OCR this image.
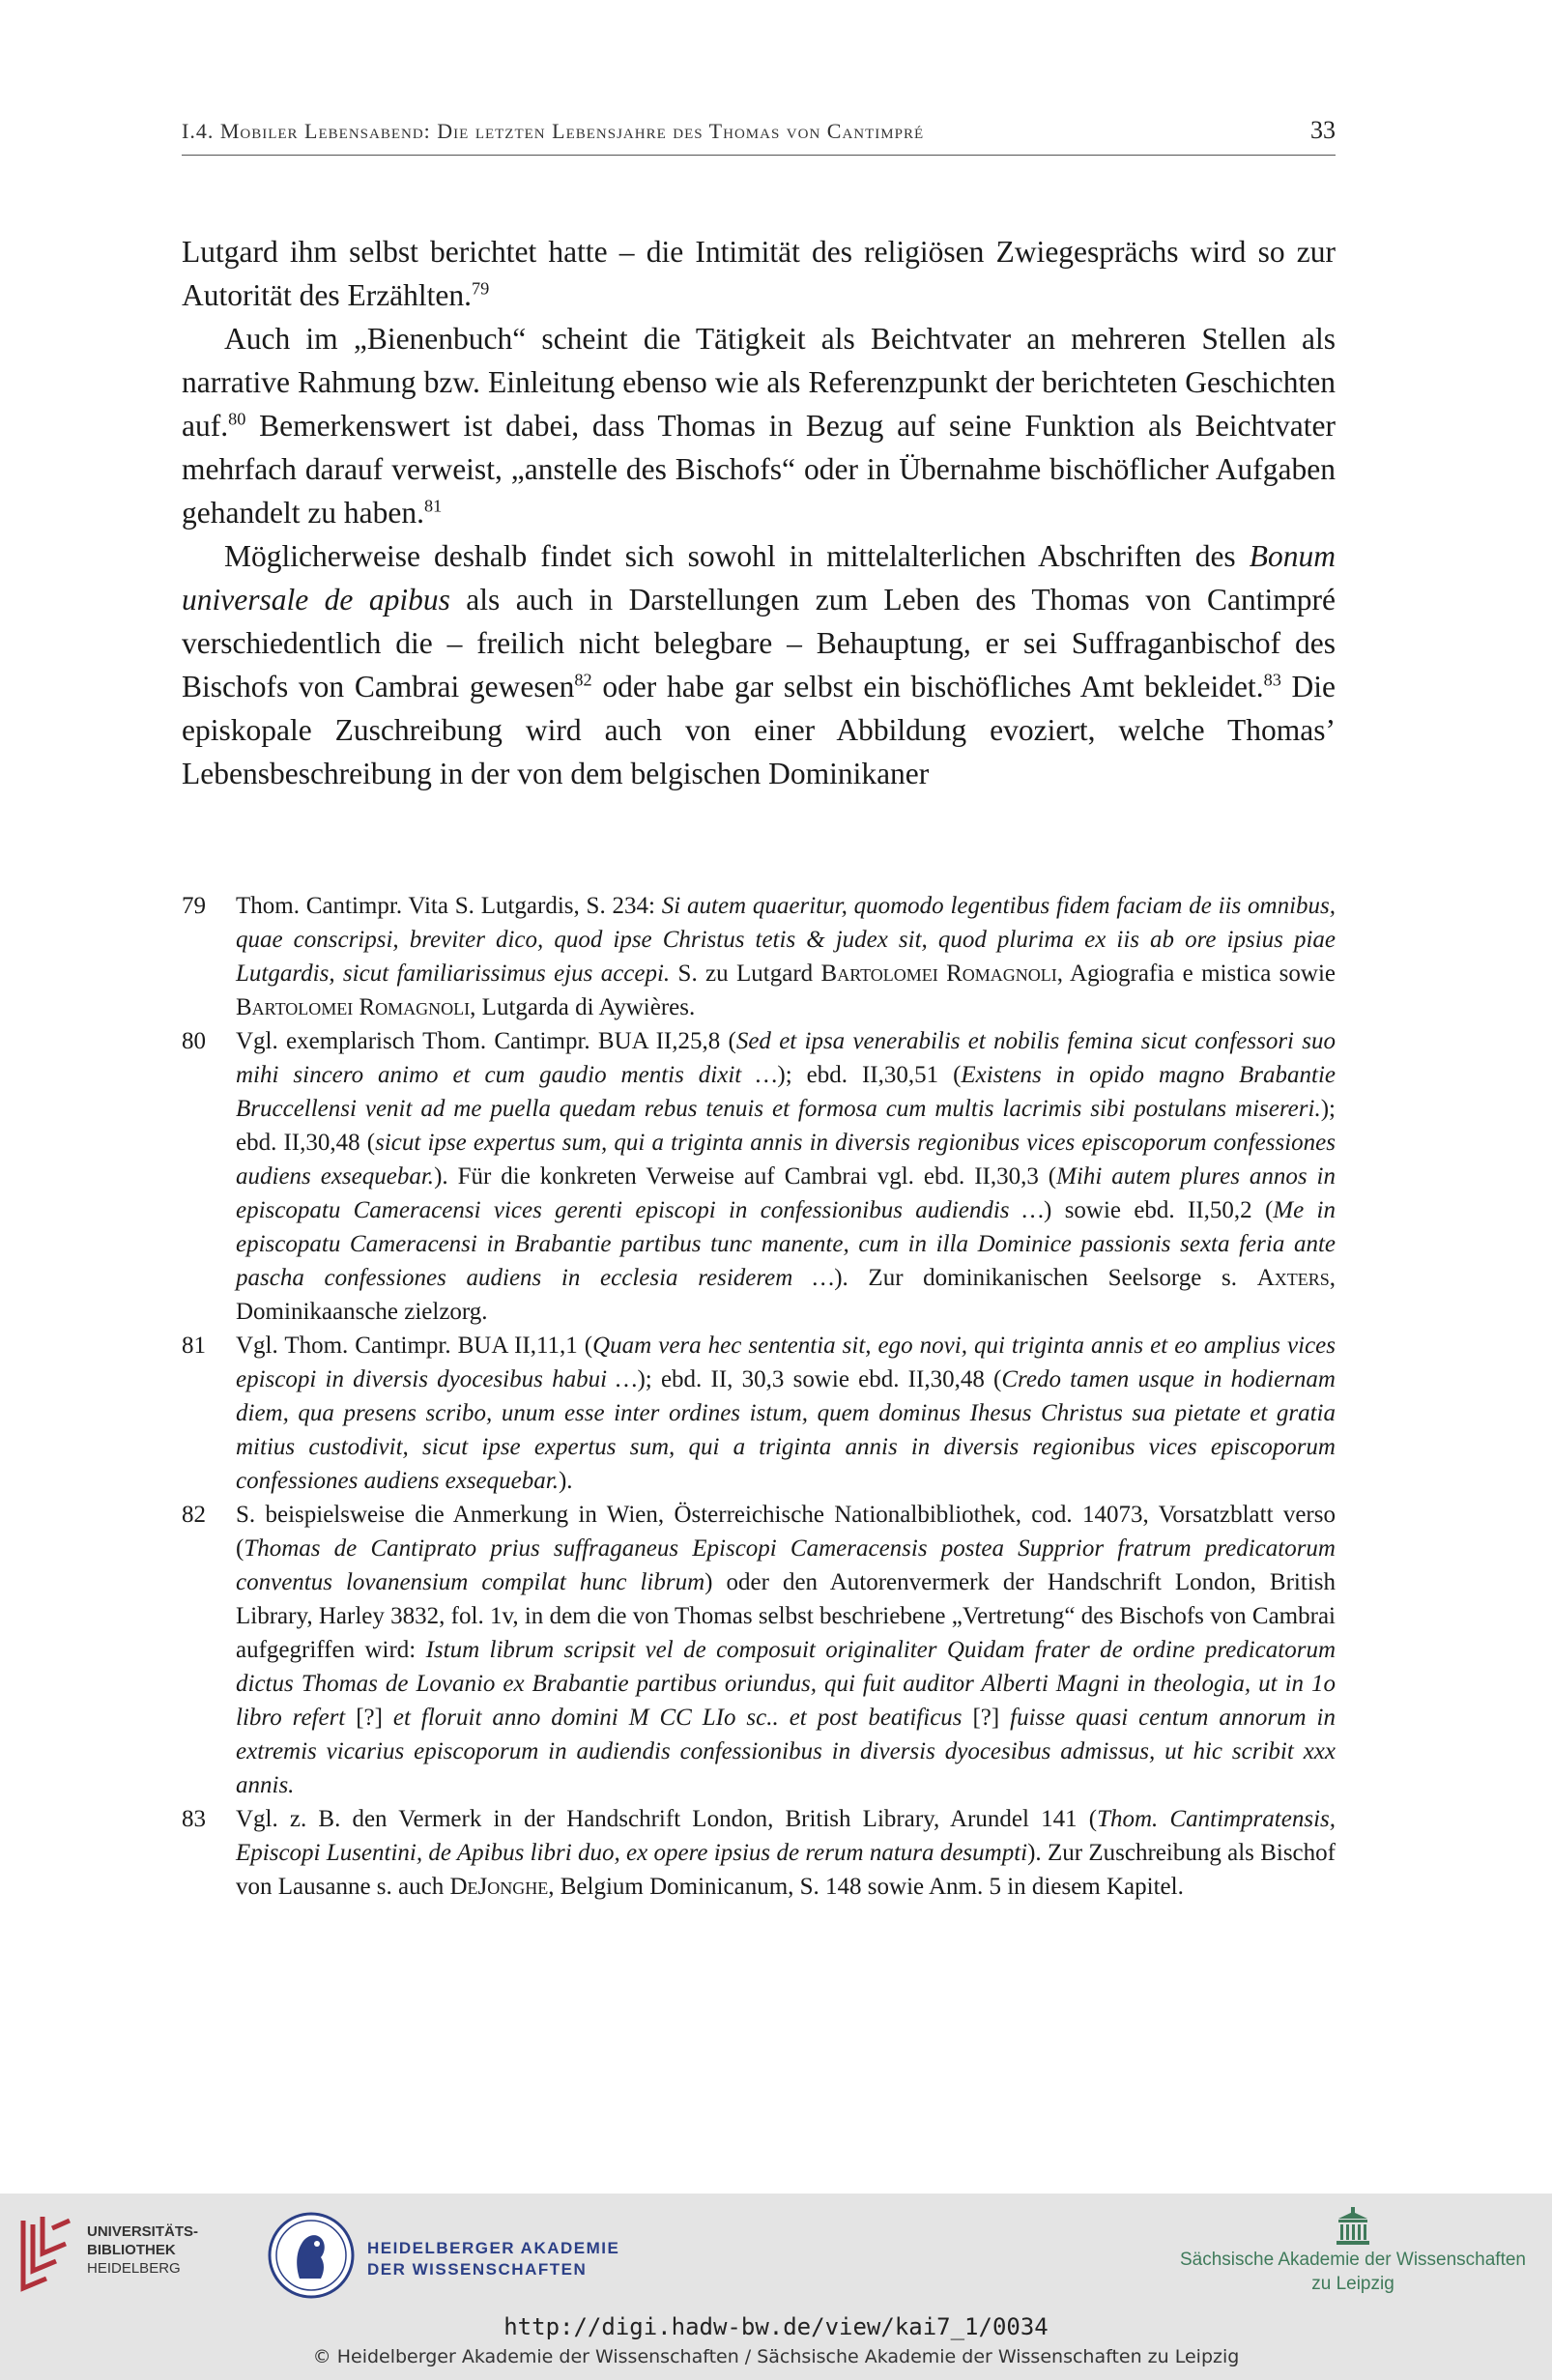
I.4. Mobiler Lebensabend: Die letzten Lebensjahre des Thomas von Cantimpré	33

Lutgard ihm selbst berichtet hatte – die Intimität des religiösen Zwiegesprächs wird so zur Autorität des Erzählten.$^{79}$

Auch im „Bienenbuch“ scheint die Tätigkeit als Beichtvater an mehreren Stellen als narrative Rahmung bzw. Einleitung ebenso wie als Referenzpunkt der berichteten Geschichten auf.$^{80}$ Bemerkenswert ist dabei, dass Thomas in Bezug auf seine Funktion als Beichtvater mehrfach darauf verweist, „anstelle des Bischofs“ oder in Übernahme bischöflicher Aufgaben gehandelt zu haben.$^{81}$

Möglicherweise deshalb findet sich sowohl in mittelalterlichen Abschriften des Bonum universale de apibus als auch in Darstellungen zum Leben des Thomas von Cantimpré verschiedentlich die – freilich nicht belegbare – Behauptung, er sei Suffraganbischof des Bischofs von Cambrai gewesen$^{82}$ oder habe gar selbst ein bischöfliches Amt bekleidet.$^{83}$ Die episkopale Zuschreibung wird auch von einer Abbildung evoziert, welche Thomas’ Lebensbeschreibung in der von dem belgischen Dominikaner

79	Thom. Cantimpr. Vita S. Lutgardis, S. 234: Si autem quaeritur, quomodo legentibus fidem faciam de iis omnibus, quae conscripsi, breviter dico, quod ipse Christus tetis & judex sit, quod plurima ex iis ab ore ipsius piae Lutgardis, sicut familiarissimus ejus accepi. S. zu Lutgard Bartolomei Romagnoli, Agiografia e mistica sowie Bartolomei Romagnoli, Lutgarda di Aywières.
80	Vgl. exemplarisch Thom. Cantimpr. BUA II,25,8 (Sed et ipsa venerabilis et nobilis femina sicut confessori suo mihi sincero animo et cum gaudio mentis dixit …); ebd. II,30,51 (Existens in opido magno Brabantie Bruccellensi venit ad me puella quedam rebus tenuis et formosa cum multis lacrimis sibi postulans misereri.); ebd. II,30,48 (sicut ipse expertus sum, qui a triginta annis in diversis regionibus vices episcoporum confessiones audiens exsequebar.). Für die konkreten Verweise auf Cambrai vgl. ebd. II,30,3 (Mihi autem plures annos in episcopatu Cameracensi vices gerenti episcopi in confessionibus audiendis …) sowie ebd. II,50,2 (Me in episcopatu Cameracensi in Brabantie partibus tunc manente, cum in illa Dominice passionis sexta feria ante pascha confessiones audiens in ecclesia residerem …). Zur dominikanischen Seelsorge s. Axters, Dominikaansche zielzorg.
81	Vgl. Thom. Cantimpr. BUA II,11,1 (Quam vera hec sententia sit, ego novi, qui triginta annis et eo amplius vices episcopi in diversis dyocesibus habui …); ebd. II, 30,3 sowie ebd. II,30,48 (Credo tamen usque in hodiernam diem, qua presens scribo, unum esse inter ordines istum, quem dominus Ihesus Christus sua pietate et gratia mitius custodivit, sicut ipse expertus sum, qui a triginta annis in diversis regionibus vices episcoporum confessiones audiens exsequebar.).
82	S. beispielsweise die Anmerkung in Wien, Österreichische Nationalbibliothek, cod. 14073, Vorsatzblatt verso (Thomas de Cantiprato prius suffraganeus Episcopi Cameracensis postea Supprior fratrum predicatorum conventus lovanensium compilat hunc librum) oder den Autorenvermerk der Handschrift London, British Library, Harley 3832, fol. 1v, in dem die von Thomas selbst beschriebene „Vertretung“ des Bischofs von Cambrai aufgegriffen wird: Istum librum scripsit vel de composuit originaliter Quidam frater de ordine predicatorum dictus Thomas de Lovanio ex Brabantie partibus oriundus, qui fuit auditor Alberti Magni in theologia, ut in 1o libro refert [?] et floruit anno domini M CC LIo sc.. et post beatificus [?] fuisse quasi centum annorum in extremis vicarius episcoporum in audiendis confessionibus in diversis dyocesibus admissus, ut hic scribit xxx annis.
83	Vgl. z. B. den Vermerk in der Handschrift London, British Library, Arundel 141 (Thom. Cantimpratensis, Episcopi Lusentini, de Apibus libri duo, ex opere ipsius de rerum natura desumpti). Zur Zuschreibung als Bischof von Lausanne s. auch DeJonghe, Belgium Dominicanum, S. 148 sowie Anm. 5 in diesem Kapitel.
UNIVERSITÄTS-
BIBLIOTHEK
HEIDELBERG
HEIDELBERGER AKADEMIE
DER WISSENSCHAFTEN	Sächsische Akademie der Wissenschaften
zu Leipzig
http://digi.hadw-bw.de/view/kai7_1/0034
© Heidelberger Akademie der Wissenschaften / Sächsische Akademie der Wissenschaften zu Leipzig
